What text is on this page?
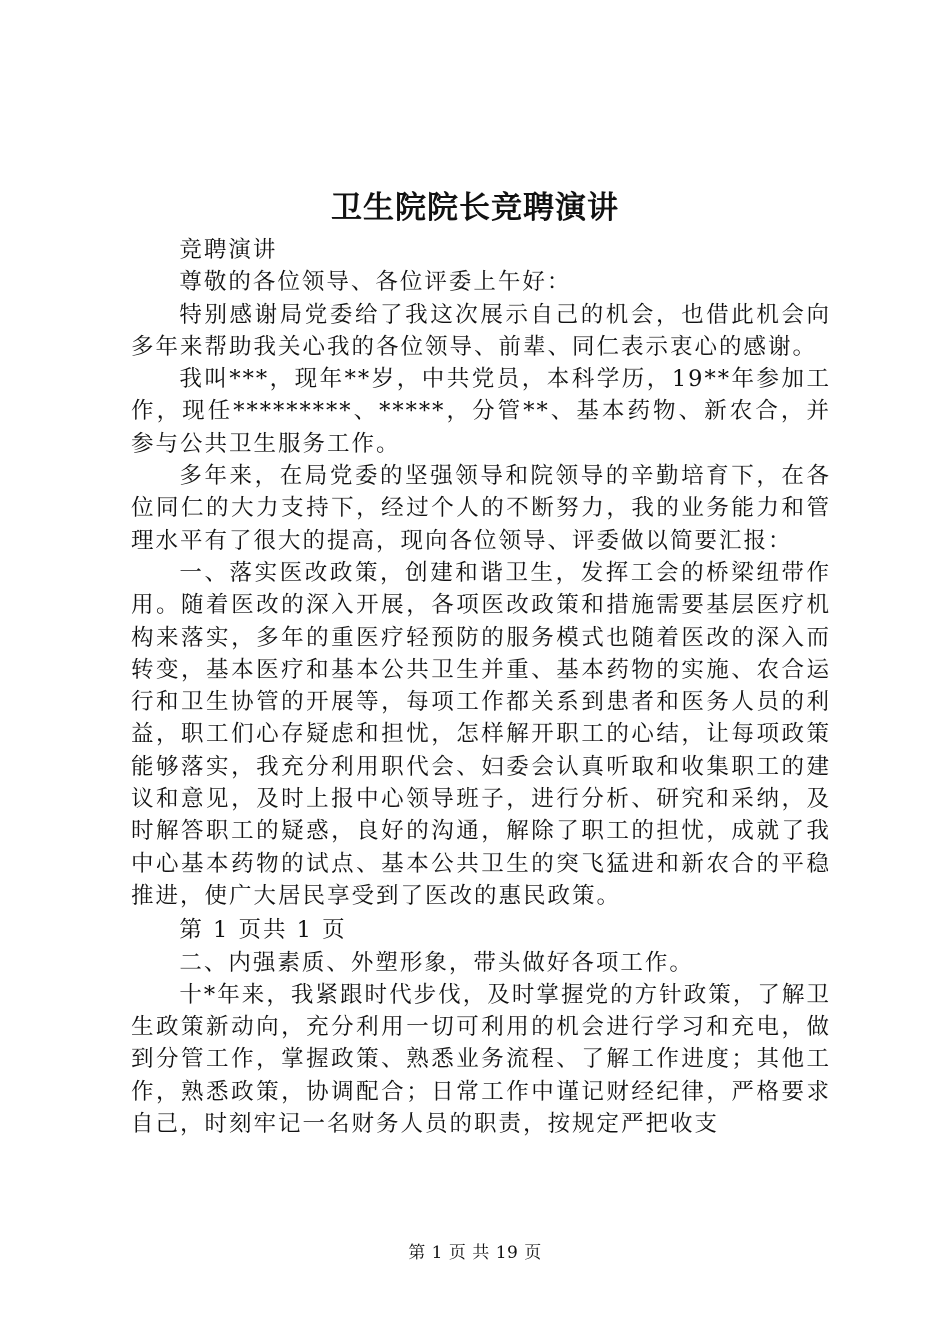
卫生院院长竞聘演讲

竞聘演讲

尊敬的各位领导、各位评委上午好：

特别感谢局党委给了我这次展示自己的机会，也借此机会向多年来帮助我关心我的各位领导、前辈、同仁表示衷心的感谢。

我叫***，现年**岁，中共党员，本科学历，19**年参加工作，现任*********、*****，分管**、基本药物、新农合，并参与公共卫生服务工作。

多年来，在局党委的坚强领导和院领导的辛勤培育下，在各位同仁的大力支持下，经过个人的不断努力，我的业务能力和管理水平有了很大的提高，现向各位领导、评委做以简要汇报：

一、落实医改政策，创建和谐卫生，发挥工会的桥梁纽带作用。随着医改的深入开展，各项医改政策和措施需要基层医疗机构来落实，多年的重医疗轻预防的服务模式也随着医改的深入而转变，基本医疗和基本公共卫生并重、基本药物的实施、农合运行和卫生协管的开展等，每项工作都关系到患者和医务人员的利益，职工们心存疑虑和担忧，怎样解开职工的心结，让每项政策能够落实，我充分利用职代会、妇委会认真听取和收集职工的建议和意见，及时上报中心领导班子，进行分析、研究和采纳，及时解答职工的疑惑，良好的沟通，解除了职工的担忧，成就了我中心基本药物的试点、基本公共卫生的突飞猛进和新农合的平稳推进，使广大居民享受到了医改的惠民政策。

第 1 页共 1 页

二、内强素质、外塑形象，带头做好各项工作。

十*年来，我紧跟时代步伐，及时掌握党的方针政策，了解卫生政策新动向，充分利用一切可利用的机会进行学习和充电，做到分管工作，掌握政策、熟悉业务流程、了解工作进度；其他工作，熟悉政策，协调配合；日常工作中谨记财经纪律，严格要求自己，时刻牢记一名财务人员的职责，按规定严把收支

第 1 页 共 19 页
